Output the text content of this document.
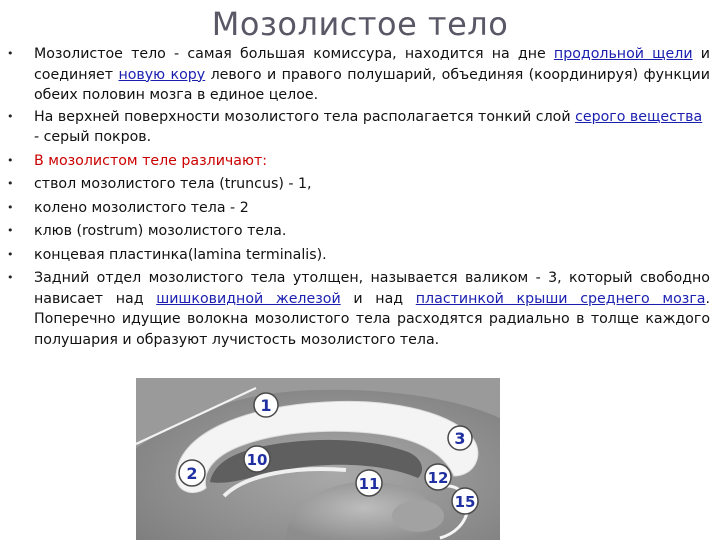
Мозолистое тело
• Мозолистое тело - самая большая комиссура, находится на дне продольной щели и соединяет новую кору левого и правого полушарий, объединяя (координируя) функции обеих половин мозга в единое целое.
• На верхней поверхности мозолистого тела располагается тонкий слой серого вещества - серый покров.
• В мозолистом теле различают:
• ствол мозолистого тела (truncus) - 1,
• колено мозолистого тела - 2
• клюв (rostrum) мозолистого тела.
• концевая пластинка(lamina terminalis).
• Задний отдел мозолистого тела утолщен, называется валиком - 3, который свободно нависает над шишковидной железой и над пластинкой крыши среднего мозга. Поперечно идущие волокна мозолистого тела расходятся радиально в толще каждого полушария и образуют лучистость мозолистого тела.
1
2
10
3
11	12
15
